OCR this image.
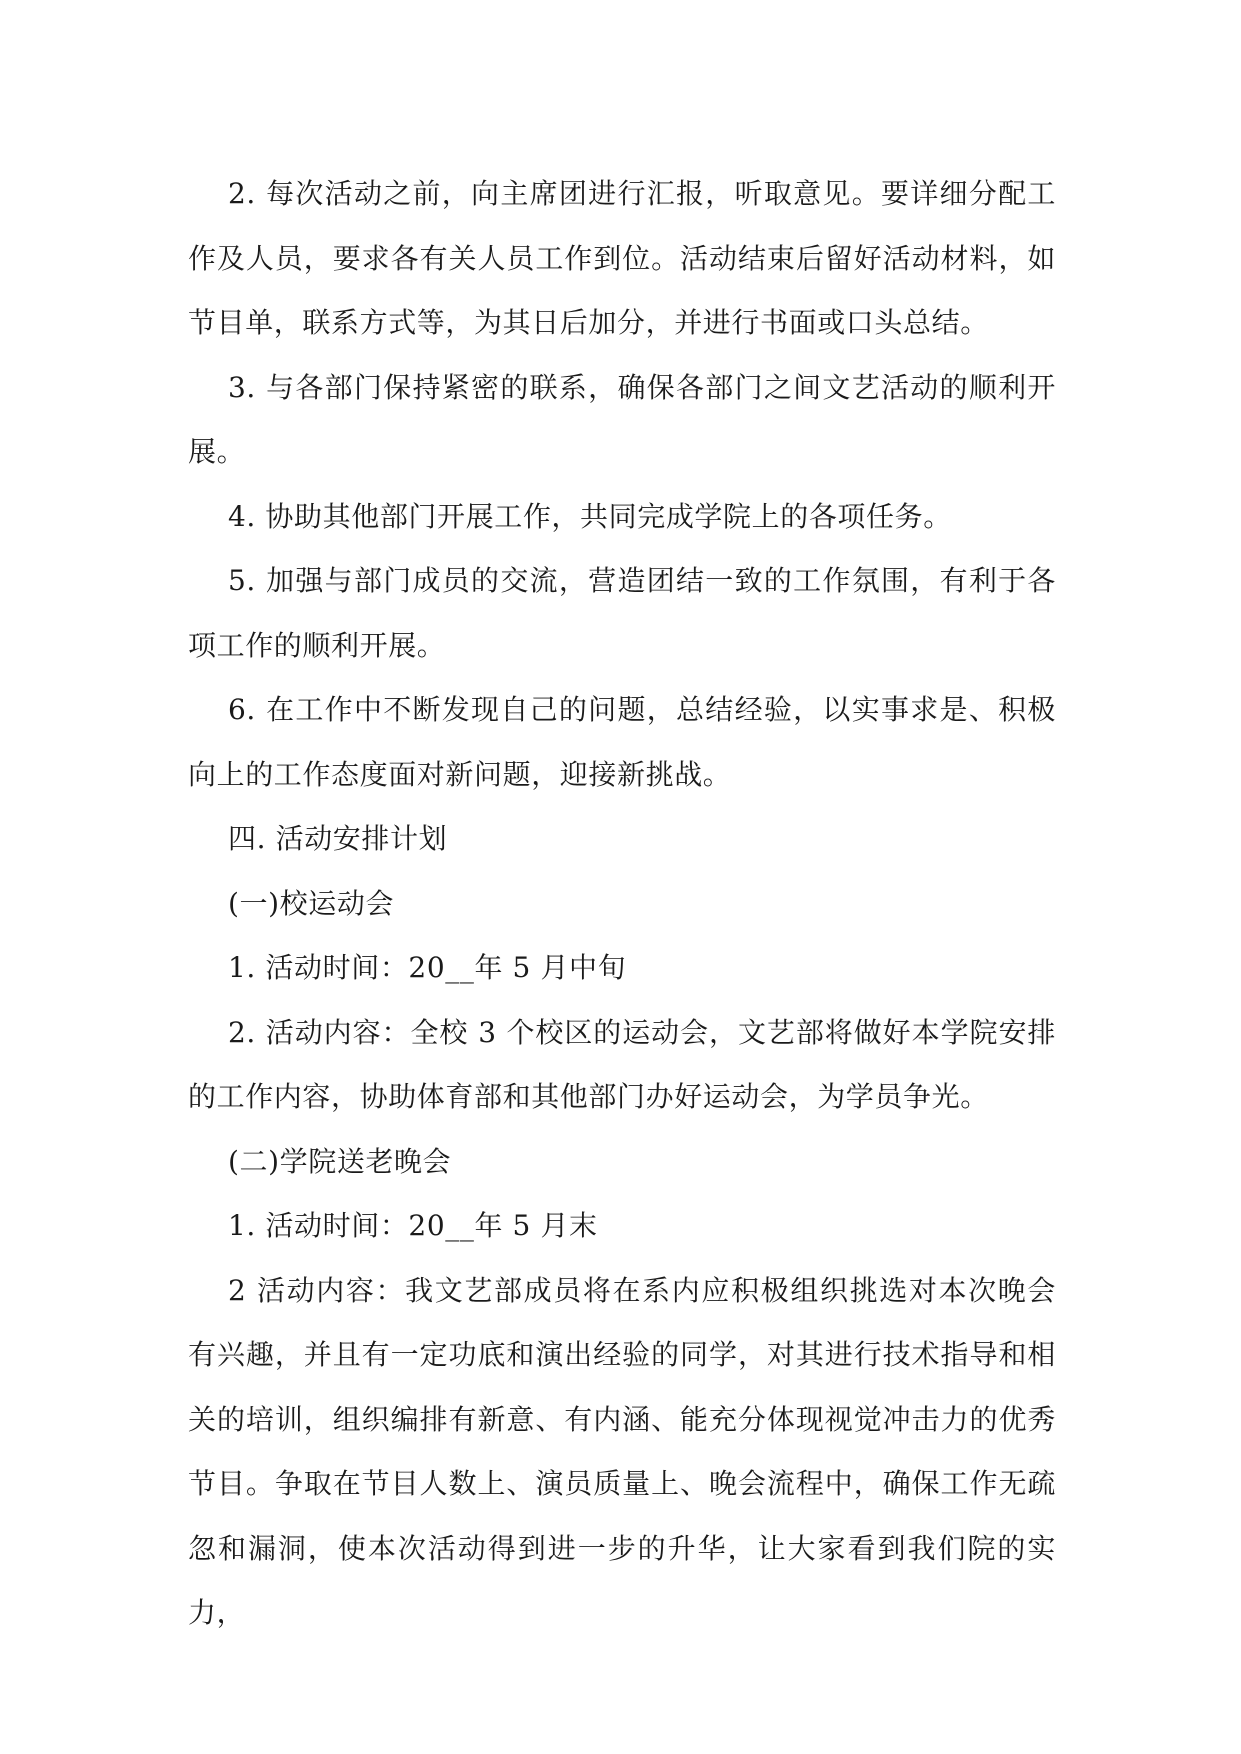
2. 每次活动之前，向主席团进行汇报，听取意见。要详细分配工作及人员，要求各有关人员工作到位。活动结束后留好活动材料，如节目单，联系方式等，为其日后加分，并进行书面或口头总结。

3. 与各部门保持紧密的联系，确保各部门之间文艺活动的顺利开展。

4. 协助其他部门开展工作，共同完成学院上的各项任务。

5. 加强与部门成员的交流，营造团结一致的工作氛围，有利于各项工作的顺利开展。

6. 在工作中不断发现自己的问题，总结经验，以实事求是、积极向上的工作态度面对新问题，迎接新挑战。

四. 活动安排计划

(一)校运动会

1. 活动时间：20__年 5 月中旬

2. 活动内容：全校 3 个校区的运动会，文艺部将做好本学院安排的工作内容，协助体育部和其他部门办好运动会，为学员争光。

(二)学院送老晚会

1. 活动时间：20__年 5 月末

2 活动内容：我文艺部成员将在系内应积极组织挑选对本次晚会有兴趣，并且有一定功底和演出经验的同学，对其进行技术指导和相关的培训，组织编排有新意、有内涵、能充分体现视觉冲击力的优秀节目。争取在节目人数上、演员质量上、晚会流程中，确保工作无疏忽和漏洞，使本次活动得到进一步的升华，让大家看到我们院的实力，
